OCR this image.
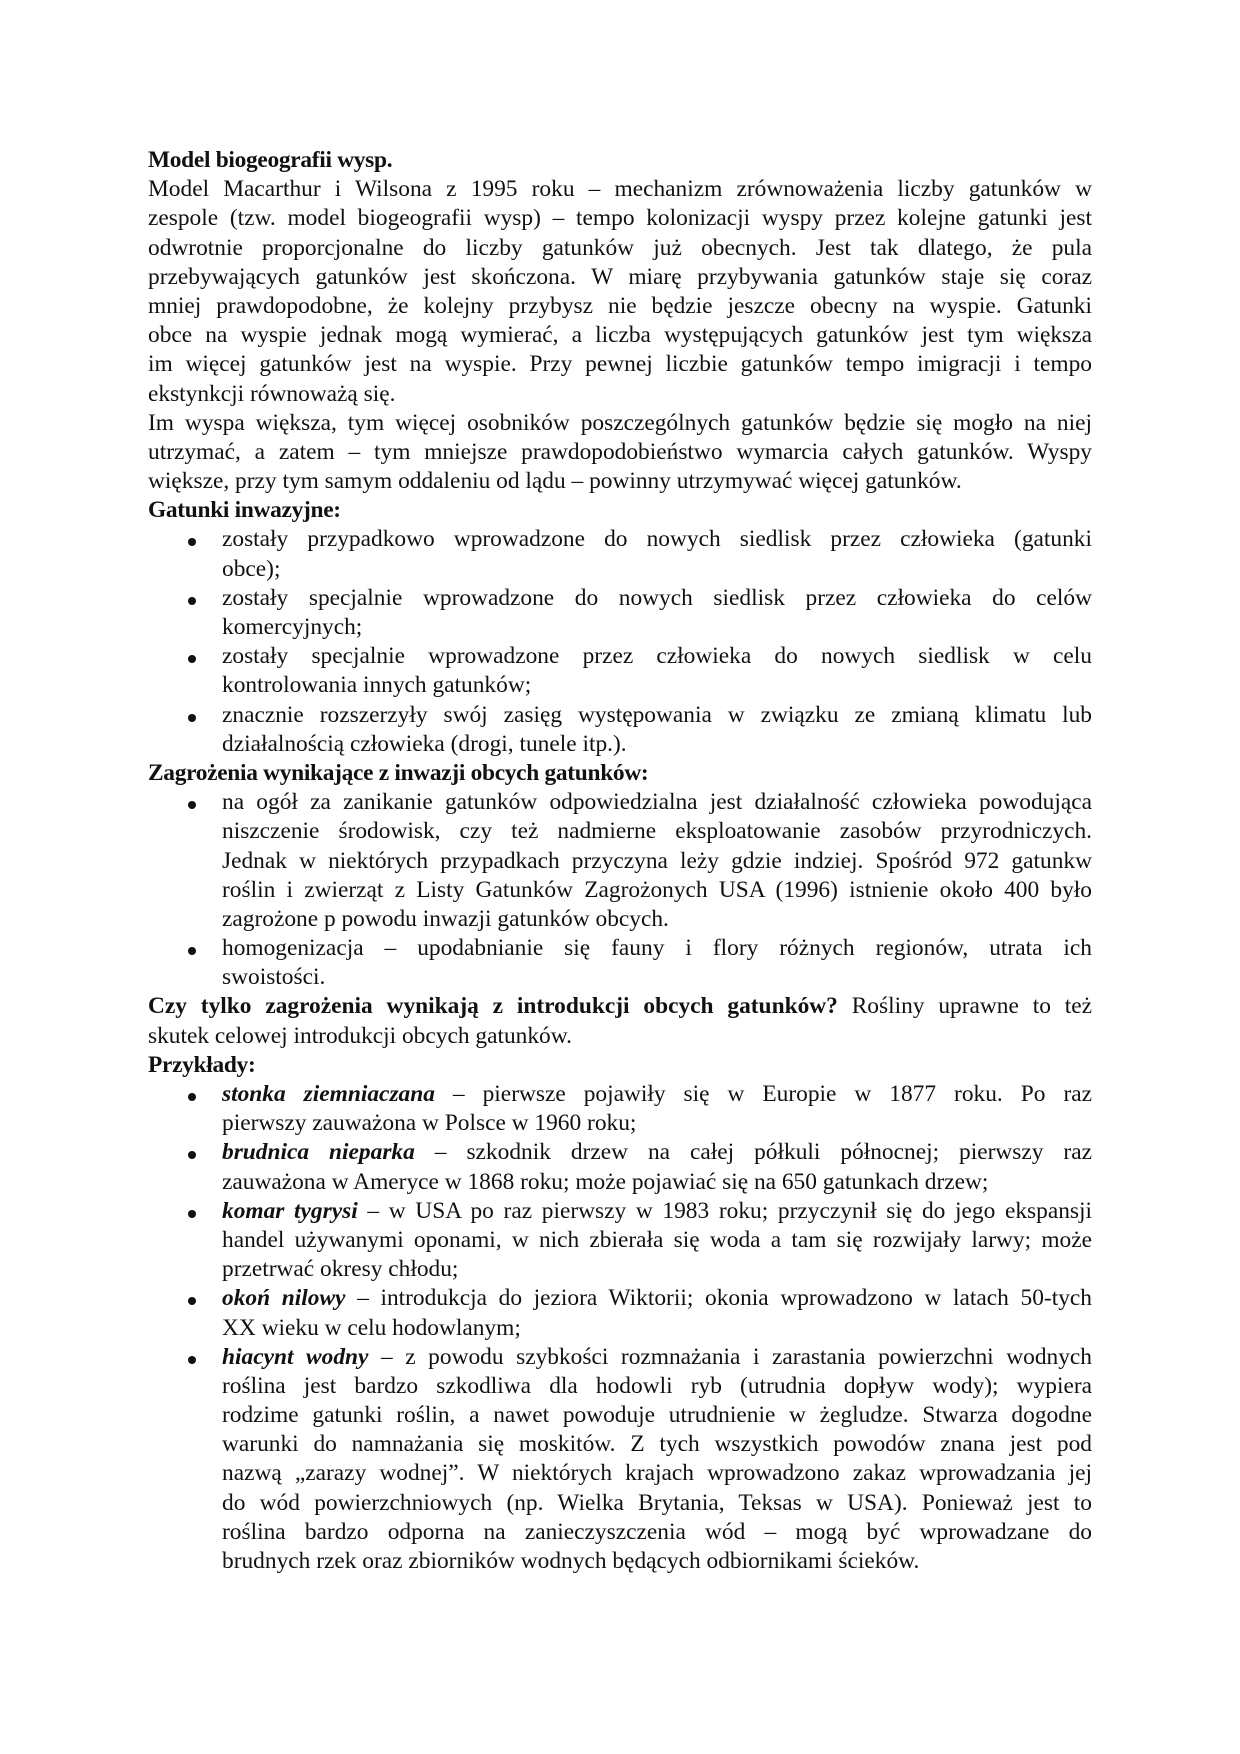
Model biogeografii wysp.
Model Macarthur i Wilsona z 1995 roku – mechanizm zrównoważenia liczby gatunków w
zespole (tzw. model biogeografii wysp) – tempo kolonizacji wyspy przez kolejne gatunki jest
odwrotnie proporcjonalne do liczby gatunków już obecnych. Jest tak dlatego, że pula
przebywających gatunków jest skończona. W miarę przybywania gatunków staje się coraz
mniej prawdopodobne, że kolejny przybysz nie będzie jeszcze obecny na wyspie. Gatunki
obce na wyspie jednak mogą wymierać, a liczba występujących gatunków jest tym większa
im więcej gatunków jest na wyspie. Przy pewnej liczbie gatunków tempo imigracji i tempo
ekstynkcji równoważą się.
Im wyspa większa, tym więcej osobników poszczególnych gatunków będzie się mogło na niej
utrzymać, a zatem – tym mniejsze prawdopodobieństwo wymarcia całych gatunków. Wyspy
większe, przy tym samym oddaleniu od lądu – powinny utrzymywać więcej gatunków.
Gatunki inwazyjne:
zostały przypadkowo wprowadzone do nowych siedlisk przez człowieka (gatunki
obce);
zostały specjalnie wprowadzone do nowych siedlisk przez człowieka do celów
komercyjnych;
zostały specjalnie wprowadzone przez człowieka do nowych siedlisk w celu
kontrolowania innych gatunków;
znacznie rozszerzyły swój zasięg występowania w związku ze zmianą klimatu lub
działalnością człowieka (drogi, tunele itp.).
Zagrożenia wynikające z inwazji obcych gatunków:
na ogół za zanikanie gatunków odpowiedzialna jest działalność człowieka powodująca
niszczenie środowisk, czy też nadmierne eksploatowanie zasobów przyrodniczych.
Jednak w niektórych przypadkach przyczyna leży gdzie indziej. Spośród 972 gatunkw
roślin i zwierząt z Listy Gatunków Zagrożonych USA (1996) istnienie około 400 było
zagrożone p powodu inwazji gatunków obcych.
homogenizacja – upodabnianie się fauny i flory różnych regionów, utrata ich
swoistości.
Czy tylko zagrożenia wynikają z introdukcji obcych gatunków? Rośliny uprawne to też
skutek celowej introdukcji obcych gatunków.
Przykłady:
stonka ziemniaczana – pierwsze pojawiły się w Europie w 1877 roku. Po raz
pierwszy zauważona w Polsce w 1960 roku;
brudnica nieparka – szkodnik drzew na całej półkuli północnej; pierwszy raz
zauważona w Ameryce w 1868 roku; może pojawiać się na 650 gatunkach drzew;
komar tygrysi – w USA po raz pierwszy w 1983 roku; przyczynił się do jego ekspansji
handel używanymi oponami, w nich zbierała się woda a tam się rozwijały larwy; może
przetrwać okresy chłodu;
okoń nilowy – introdukcja do jeziora Wiktorii; okonia wprowadzono w latach 50-tych
XX wieku w celu hodowlanym;
hiacynt wodny – z powodu szybkości rozmnażania i zarastania powierzchni wodnych
roślina jest bardzo szkodliwa dla hodowli ryb (utrudnia dopływ wody); wypiera
rodzime gatunki roślin, a nawet powoduje utrudnienie w żegludze. Stwarza dogodne
warunki do namnażania się moskitów. Z tych wszystkich powodów znana jest pod
nazwą „zarazy wodnej”. W niektórych krajach wprowadzono zakaz wprowadzania jej
do wód powierzchniowych (np. Wielka Brytania, Teksas w USA). Ponieważ jest to
roślina bardzo odporna na zanieczyszczenia wód – mogą być wprowadzane do
brudnych rzek oraz zbiorników wodnych będących odbiornikami ścieków.
